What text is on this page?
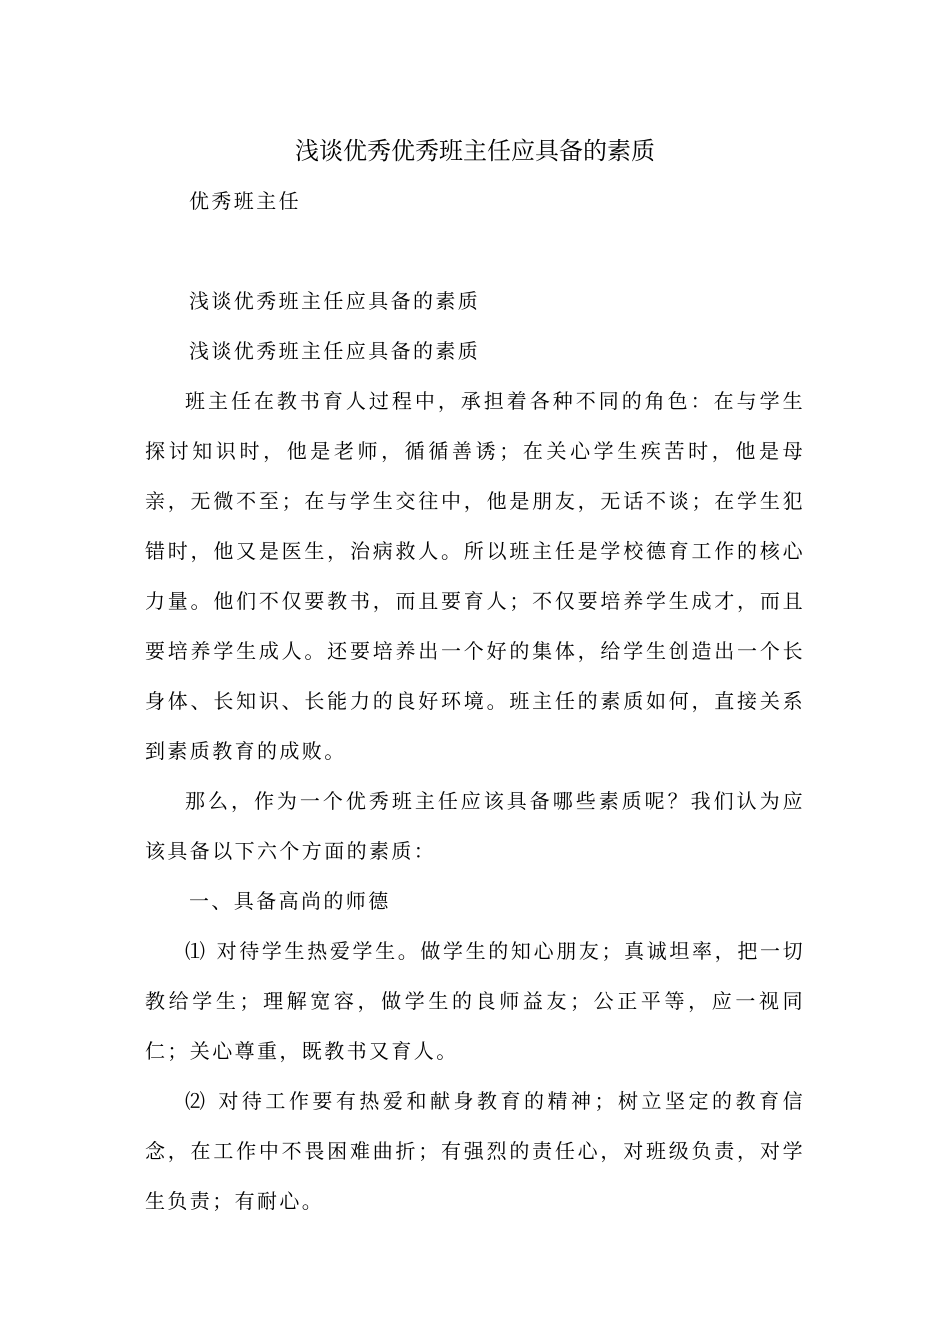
浅谈优秀优秀班主任应具备的素质

优秀班主任

浅谈优秀班主任应具备的素质

浅谈优秀班主任应具备的素质

班主任在教书育人过程中，承担着各种不同的角色：在与学生探讨知识时，他是老师，循循善诱；在关心学生疾苦时，他是母亲，无微不至；在与学生交往中，他是朋友，无话不谈；在学生犯错时，他又是医生，治病救人。所以班主任是学校德育工作的核心力量。他们不仅要教书，而且要育人；不仅要培养学生成才，而且要培养学生成人。还要培养出一个好的集体，给学生创造出一个长身体、长知识、长能力的良好环境。班主任的素质如何，直接关系到素质教育的成败。

那么，作为一个优秀班主任应该具备哪些素质呢？我们认为应该具备以下六个方面的素质：

一、具备高尚的师德

⑴ 对待学生热爱学生。做学生的知心朋友；真诚坦率，把一切教给学生；理解宽容，做学生的良师益友；公正平等，应一视同仁；关心尊重，既教书又育人。

⑵ 对待工作要有热爱和献身教育的精神；树立坚定的教育信念，在工作中不畏困难曲折；有强烈的责任心，对班级负责，对学生负责；有耐心。
